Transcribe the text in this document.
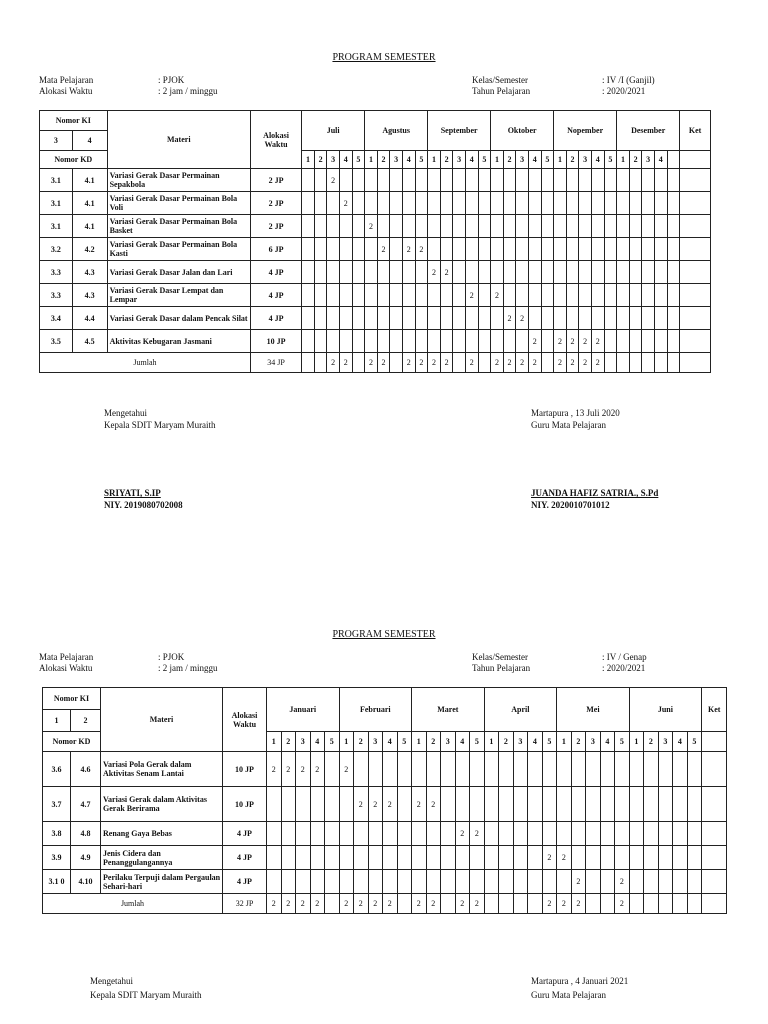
PROGRAM SEMESTER
Mata Pelajaran	: PJOK
Alokasi Waktu	: 2 jam / minggu
Kelas/Semester	: IV /I (Ganjil)
Tahun Pelajaran	: 2020/2021
Nomor KI		Materi	Alokasi Waktu	Juli					Agustus					September					Oktober					Nopember					Desember					Ket
3	4																																	
Nomor KD				1	2	3	4	5	1	2	3	4	5	1	2	3	4	5	1	2	3	4	5	1	2	3	4	5	1	2	3	4		
3.1	4.1	Variasi Gerak Dasar Permainan Sepakbola	2 JP			2																												
3.1	4.1	Variasi Gerak Dasar Permainan Bola Voli	2 JP				2																											
3.1	4.1	Variasi Gerak Dasar Permainan Bola Basket	2 JP						2																									
3.2	4.2	Variasi Gerak Dasar Permainan Bola Kasti	6 JP							2		2	2																					
3.3	4.3	Variasi Gerak Dasar Jalan dan Lari	4 JP											2	2																			
3.3	4.3	Variasi Gerak Dasar Lempat dan Lempar	4 JP														2		2															
3.4	4.4	Variasi Gerak Dasar dalam Pencak Silat	4 JP																	2	2													
3.5	4.5	Aktivitas Kebugaran Jasmani	10 JP																			2		2	2	2	2							
Jumlah			34 JP			2	2		2	2		2	2	2	2		2		2	2	2	2		2	2	2	2							
Mengetahui
Kepala SDIT Maryam Muraith
SRIYATI, S.IP
NIY. 2019080702008
Martapura , 13 Juli 2020
Guru Mata Pelajaran
JUANDA HAFIZ SATRIA., S.Pd
NIY. 2020010701012
PROGRAM SEMESTER
Mata Pelajaran	: PJOK
Alokasi Waktu	: 2 jam / minggu
Kelas/Semester	: IV / Genap
Tahun Pelajaran	: 2020/2021
Nomor KI		Materi	Alokasi Waktu	Januari					Februari					Maret					April					Mei					Juni					Ket
1	2																																	
Nomor KD				1	2	3	4	5	1	2	3	4	5	1	2	3	4	5	1	2	3	4	5	1	2	3	4	5	1	2	3	4	5	
3.6	4.6	Variasi Pola Gerak dalam Aktivitas Senam Lantai	10 JP	2	2	2	2		2																									
3.7	4.7	Variasi Gerak dalam Aktivitas Gerak Berirama	10 JP							2	2	2		2	2																			
3.8	4.8	Renang Gaya Bebas	4 JP														2	2																
3.9	4.9	Jenis Cidera dan Penanggulangannya	4 JP																				2	2										
3.1 0	4.10	Perilaku Terpuji dalam Pergaulan Sehari-hari	4 JP																						2			2						
Jumlah			32 JP	2	2	2	2		2	2	2	2		2	2		2	2					2	2	2			2						
Mengetahui
Kepala SDIT Maryam Muraith
Martapura , 4 Januari 2021
Guru Mata Pelajaran
